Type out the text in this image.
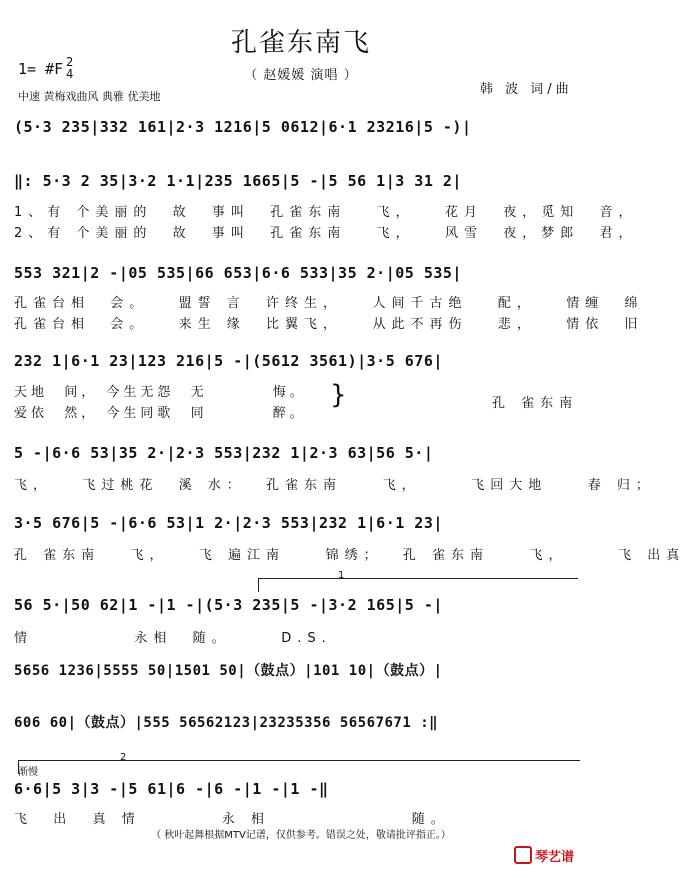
孔雀东南飞
（ 赵媛媛 演唱 ）
1= #F 2
4
中速 黄梅戏曲风 典雅 优美地	韩 波 词/曲
(5·3 235|332 161|2·3 1216|5 0612|6·1 23216|5 -)|
‖: 5·3 2 35|3·2 1·1|235 1665|5 -|5 56 1|3 31 2|
1、有 个美丽的  故  事叫  孔雀东南   飞，   花月  夜，觅知  音，
2、有 个美丽的  故  事叫  孔雀东南   飞，   风雪  夜，梦郎  君，
553 321|2 -|05 535|66 653|6·6 533|35 2·|05 535|
孔雀台相  会。   盟誓 言  许终生，   人间千古绝   配，   情缠  绵
孔雀台相  会。   来生 缘  比翼飞，   从此不再伤   悲，   情依  旧
232 1|6·1 23|123 216|5 -|(5612 3561)|3·5 676|
天地  间， 今生无怨  无        悔。
爱依  然， 今生同歌  同        醉。
}	孔 雀东南
5 -|6·6 53|35 2·|2·3 553|232 1|2·3 63|56 5·|
飞，   飞过桃花  溪 水：  孔雀东南    飞，     飞回大地    春 归；
3·5 676|5 -|6·6 53|1 2·|2·3 553|232 1|6·1 23|
孔 雀东南   飞，   飞 遍江南    锦绣；  孔 雀东南    飞，     飞 出真
1
56 5·|50 62|1 -|1 -|(5·3 235|5 -|3·2 165|5 -|
情          永相  随。     D.S.
5656 1236|5555 50|1501 50|（鼓点）|101 10|（鼓点）|
606 60|（鼓点）|555 56562123|23235356 56567671 :‖
2
渐慢
6·6|5 3|3 -|5 61|6 -|6 -|1 -|1 -‖
飞  出  真 情        永 相              随。
（ 秋叶起舞根据MTV记谱，仅供参考。错误之处，敬请批评指正。）
琴艺谱
